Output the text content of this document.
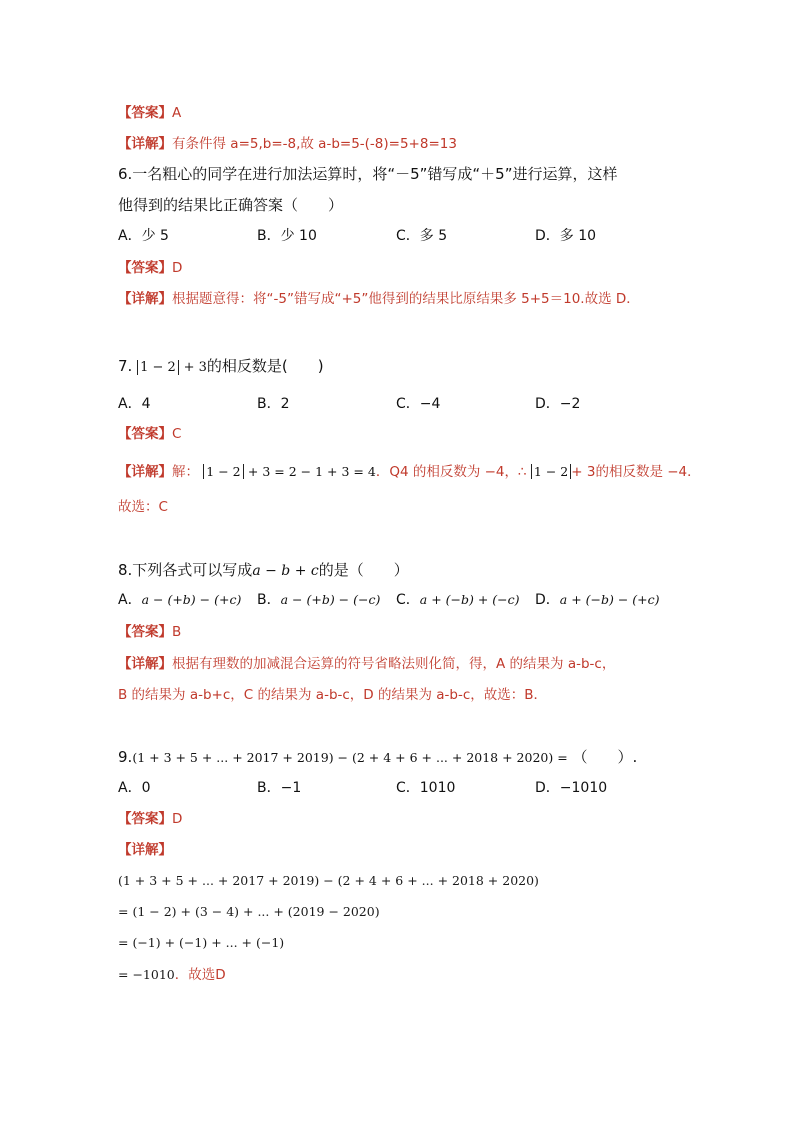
【答案】A
【详解】有条件得 a=5,b=-8,故 a-b=5-(-8)=5+8=13
6.一名粗心的同学在进行加法运算时，将“－5”错写成“＋5”进行运算，这样
他得到的结果比正确答案（　　）
A．少 5	B．少 10	C．多 5	D．多 10
【答案】D
【详解】根据题意得：将“-5”错写成“+5”他得到的结果比原结果多 5+5＝10.故选 D．
7. 1 − 2 + 3的相反数是(　　)
A．4	B．2	C．−4	D．−2
【答案】C
【详解】解： 1 − 2 + 3 = 2 − 1 + 3 = 4．Q4 的相反数为 −4，∴ 1 − 2 + 3的相反数是 −4．
故选：C
8.下列各式可以写成a − b + c的是（　　）
A．a − (+b) − (+c) B．a − (+b) − (−c) C．a + (−b) + (−c) D．a + (−b) − (+c)
【答案】B
【详解】根据有理数的加减混合运算的符号省略法则化简，得，A 的结果为 a-b-c，
B 的结果为 a-b+c，C 的结果为 a-b-c，D 的结果为 a-b-c，故选：B．
9.(1 + 3 + 5 + ... + 2017 + 2019) − (2 + 4 + 6 + ... + 2018 + 2020) = （　　）.
A．0	B．−1	C．1010	D．−1010
【答案】D
【详解】
(1 + 3 + 5 + ... + 2017 + 2019) − (2 + 4 + 6 + ... + 2018 + 2020)
= (1 − 2) + (3 − 4) + ... + (2019 − 2020)
= (−1) + (−1) + ... + (−1)
= −1010．故选D
